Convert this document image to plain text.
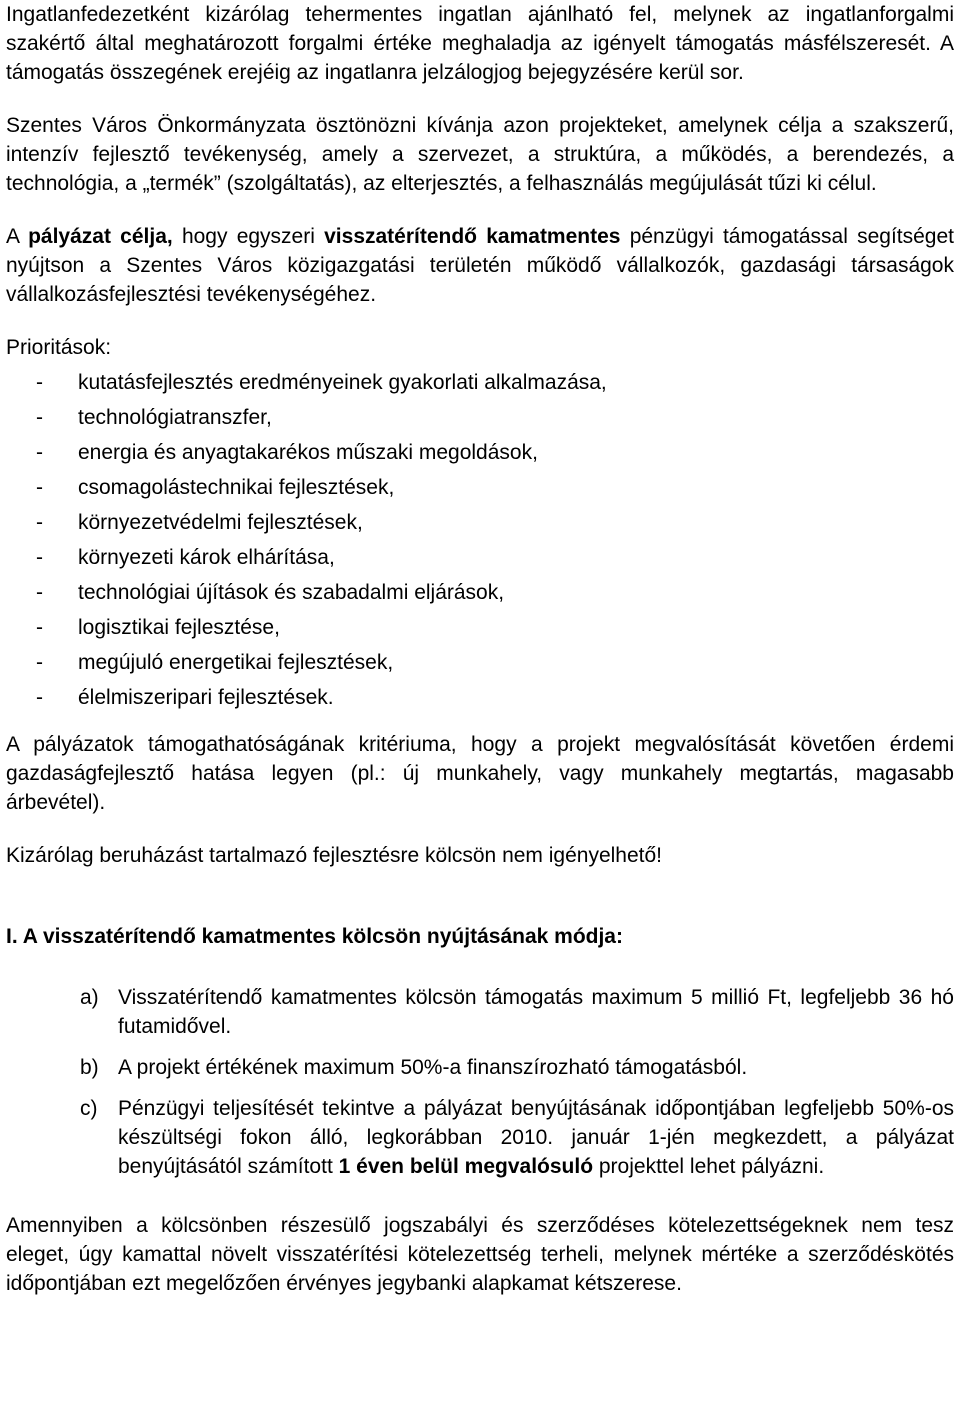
Ingatlanfedezetként kizárólag tehermentes ingatlan ajánlható fel, melynek az ingatlanforgalmi szakértő által meghatározott forgalmi értéke meghaladja az igényelt támogatás másfélszeresét. A támogatás összegének erejéig az ingatlanra jelzálogjog bejegyzésére kerül sor.

Szentes Város Önkormányzata ösztönözni kívánja azon projekteket, amelynek célja a szakszerű, intenzív fejlesztő tevékenység, amely a szervezet, a struktúra, a működés, a berendezés, a technológia, a „termék” (szolgáltatás), az elterjesztés, a felhasználás megújulását tűzi ki célul.

A pályázat célja, hogy egyszeri visszatérítendő kamatmentes pénzügyi támogatással segítséget nyújtson a Szentes Város közigazgatási területén működő vállalkozók, gazdasági társaságok vállalkozásfejlesztési tevékenységéhez.

Prioritások:
-	kutatásfejlesztés eredményeinek gyakorlati alkalmazása,
-	technológiatranszfer,
-	energia és anyagtakarékos műszaki megoldások,
-	csomagolástechnikai fejlesztések,
-	környezetvédelmi fejlesztések,
-	környezeti károk elhárítása,
-	technológiai újítások és szabadalmi eljárások,
-	logisztikai fejlesztése,
-	megújuló energetikai fejlesztések,
-	élelmiszeripari fejlesztések.

A pályázatok támogathatóságának kritériuma, hogy a projekt megvalósítását követően érdemi gazdaságfejlesztő hatása legyen (pl.: új munkahely, vagy munkahely megtartás, magasabb árbevétel).

Kizárólag beruházást tartalmazó fejlesztésre kölcsön nem igényelhető!

I. A visszatérítendő kamatmentes kölcsön nyújtásának módja:

a) Visszatérítendő kamatmentes kölcsön támogatás maximum 5 millió Ft, legfeljebb 36 hó futamidővel.
b) A projekt értékének maximum 50%-a finanszírozható támogatásból.
c) Pénzügyi teljesítését tekintve a pályázat benyújtásának időpontjában legfeljebb 50%-os készültségi fokon álló, legkorábban 2010. január 1-jén megkezdett, a pályázat benyújtásától számított 1 éven belül megvalósuló projekttel lehet pályázni.

Amennyiben a kölcsönben részesülő jogszabályi és szerződéses kötelezettségeknek nem tesz eleget, úgy kamattal növelt visszatérítési kötelezettség terheli, melynek mértéke a szerződéskötés időpontjában ezt megelőzően érvényes jegybanki alapkamat kétszerese.
